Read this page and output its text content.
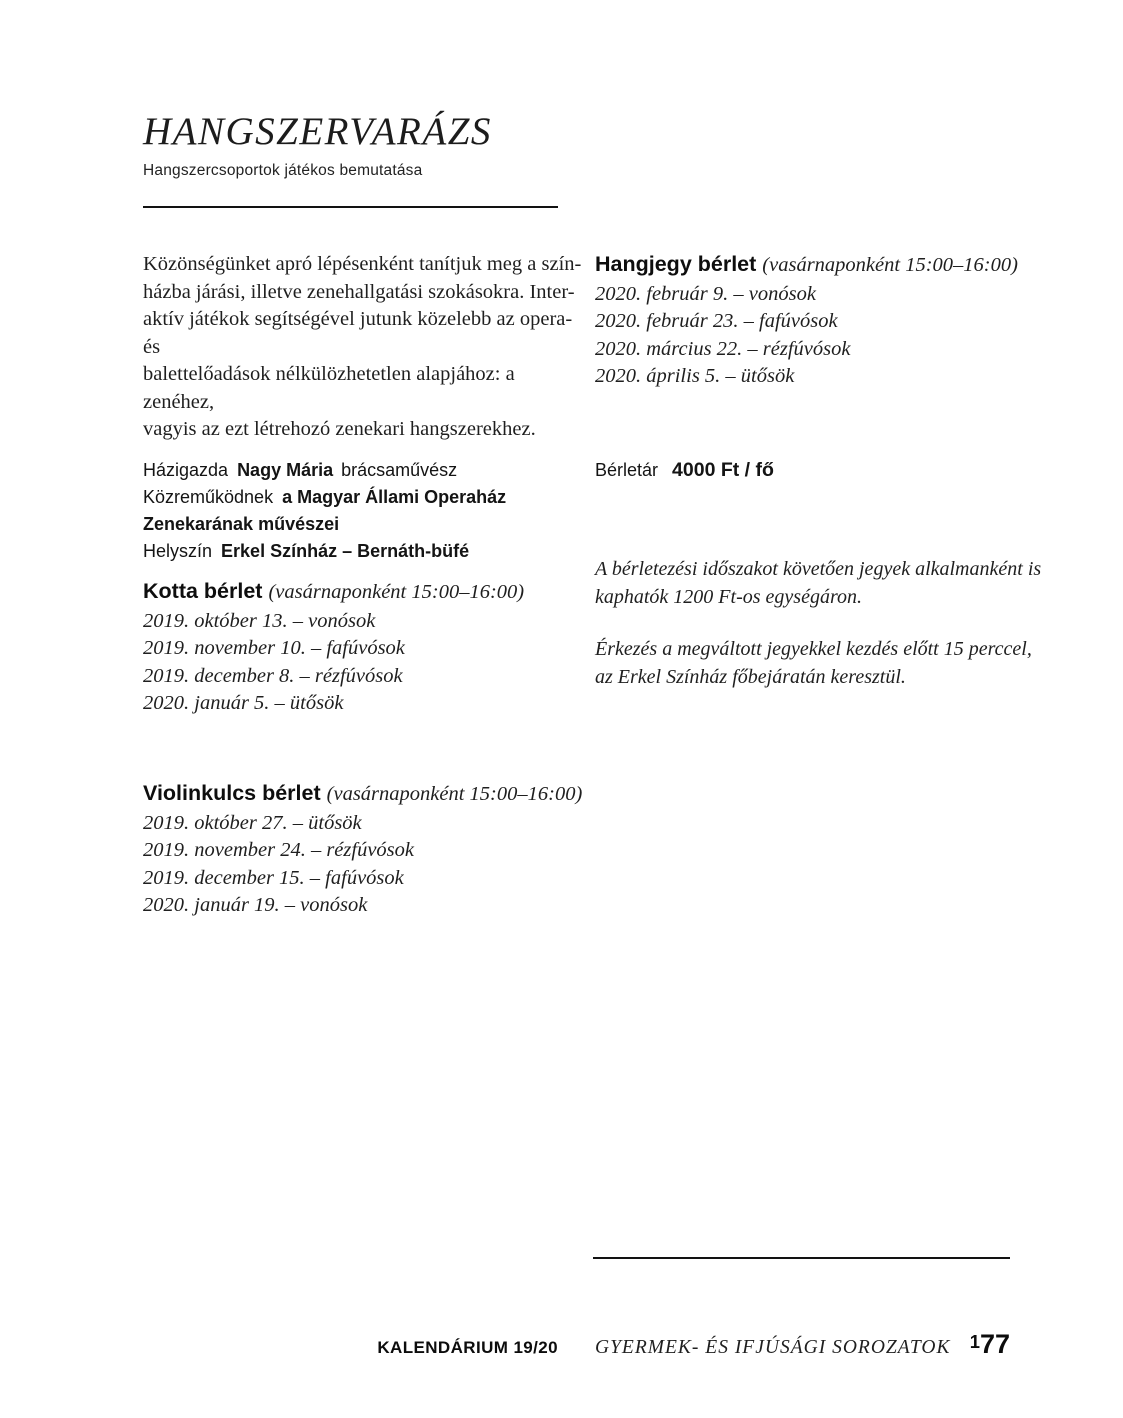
HANGSZERVARÁZS
Hangszercsoportok játékos bemutatása
Közönségünket apró lépésenként tanítjuk meg a szín-
házba járási, illetve zenehallgatási szokásokra. Inter-
aktív játékok segítségével jutunk közelebb az opera- és
balettelőadások nélkülözhetetlen alapjához: a zenéhez,
vagyis az ezt létrehozó zenekari hangszerekhez.
Házigazda Nagy Mária brácsaművész
Közreműködnek a Magyar Állami Operaház Zenekarának művészei
Helyszín Erkel Színház – Bernáth-büfé
Kotta bérlet (vasárnaponként 15:00–16:00)
2019. október 13. – vonósok
2019. november 10. – fafúvósok
2019. december 8. – rézfúvósok
2020. január 5. – ütősök
Violinkulcs bérlet (vasárnaponként 15:00–16:00)
2019. október 27. – ütősök
2019. november 24. – rézfúvósok
2019. december 15. – fafúvósok
2020. január 19. – vonósok
Hangjegy bérlet (vasárnaponként 15:00–16:00)
2020. február 9. – vonósok
2020. február 23. – fafúvósok
2020. március 22. – rézfúvósok
2020. április 5. – ütősök
Bérletár 4000 Ft / fő
A bérletezési időszakot követően jegyek alkalmanként is
kaphatók 1200 Ft-os egységáron.
Érkezés a megváltott jegyekkel kezdés előtt 15 perccel,
az Erkel Színház főbejáratán keresztül.
KALENDÁRIUM 19/20 GYERMEK- ÉS IFJÚSÁGI SOROZATOK 177
